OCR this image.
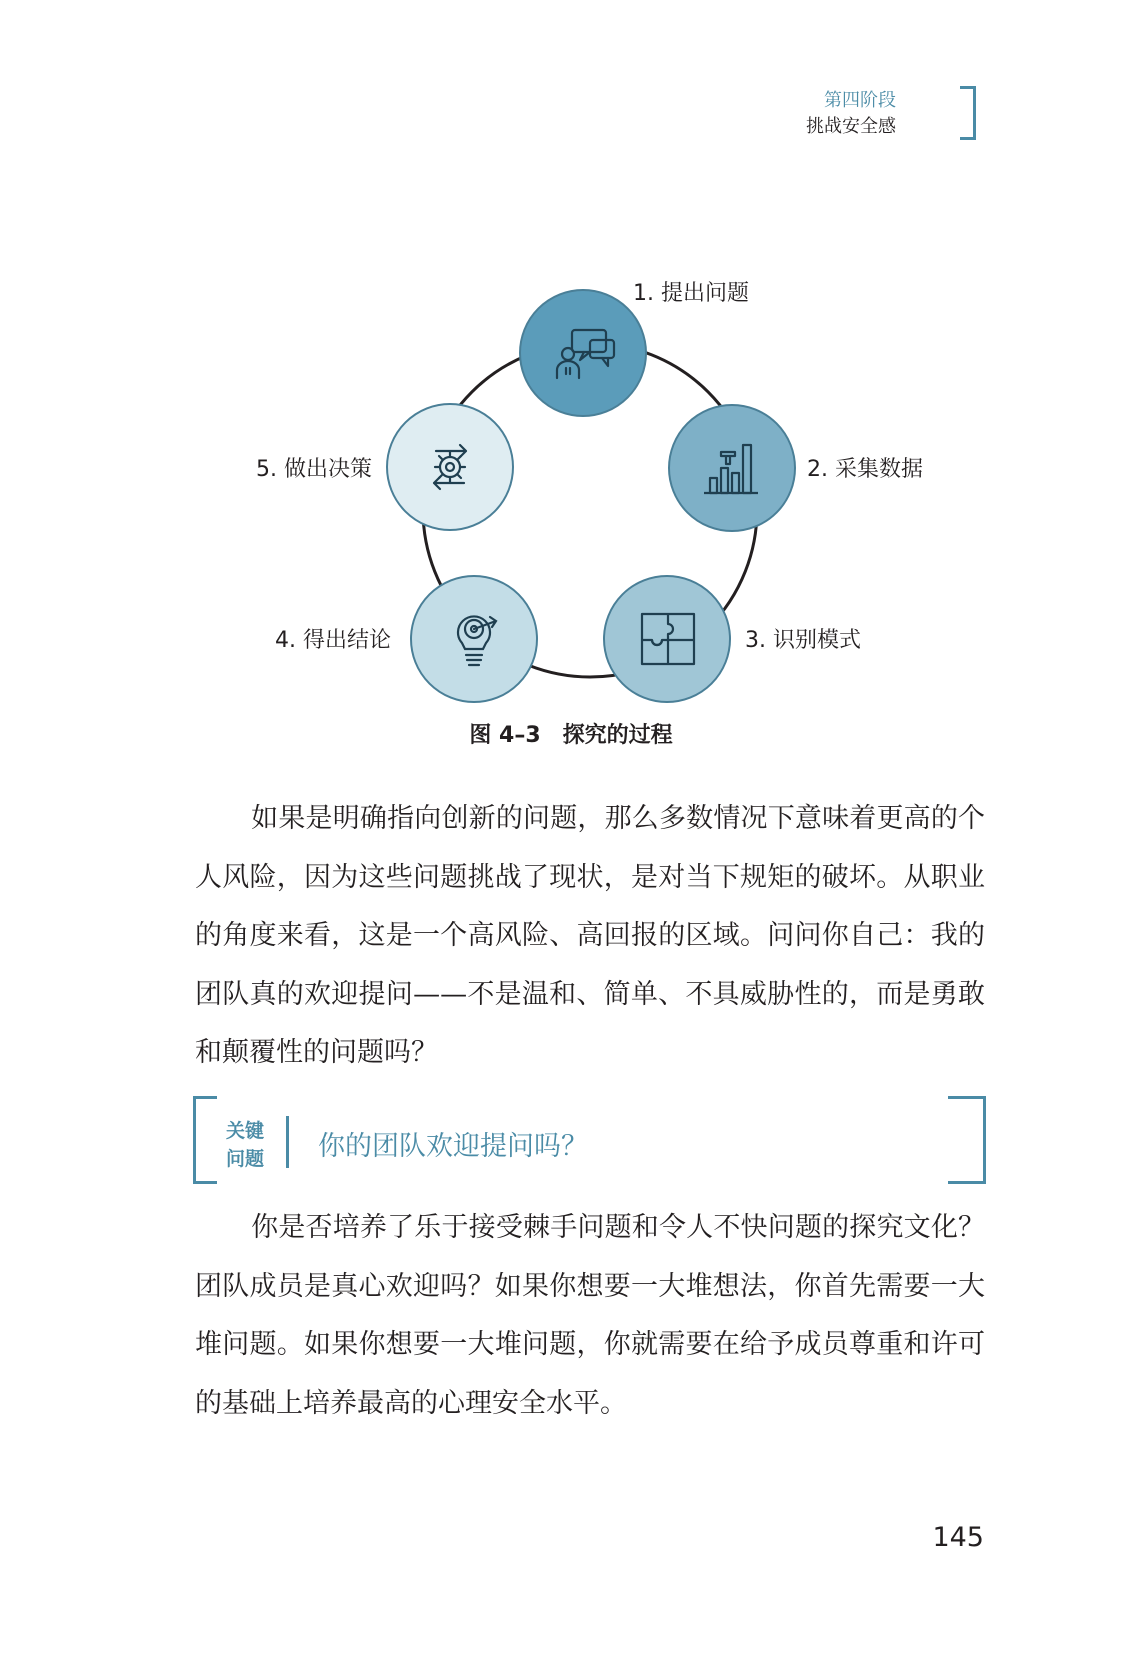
第四阶段
挑战安全感
1. 提出问题
2. 采集数据
3. 识别模式
4. 得出结论
5. 做出决策
图 4–3　探究的过程

如果是明确指向创新的问题，那么多数情况下意味着更高的个人风险，因为这些问题挑战了现状，是对当下规矩的破坏。从职业的角度来看，这是一个高风险、高回报的区域。问问你自己：我的团队真的欢迎提问——不是温和、简单、不具威胁性的，而是勇敢和颠覆性的问题吗？

关键
问题 你的团队欢迎提问吗？

你是否培养了乐于接受棘手问题和令人不快问题的探究文化？团队成员是真心欢迎吗？如果你想要一大堆想法，你首先需要一大堆问题。如果你想要一大堆问题，你就需要在给予成员尊重和许可的基础上培养最高的心理安全水平。

145
